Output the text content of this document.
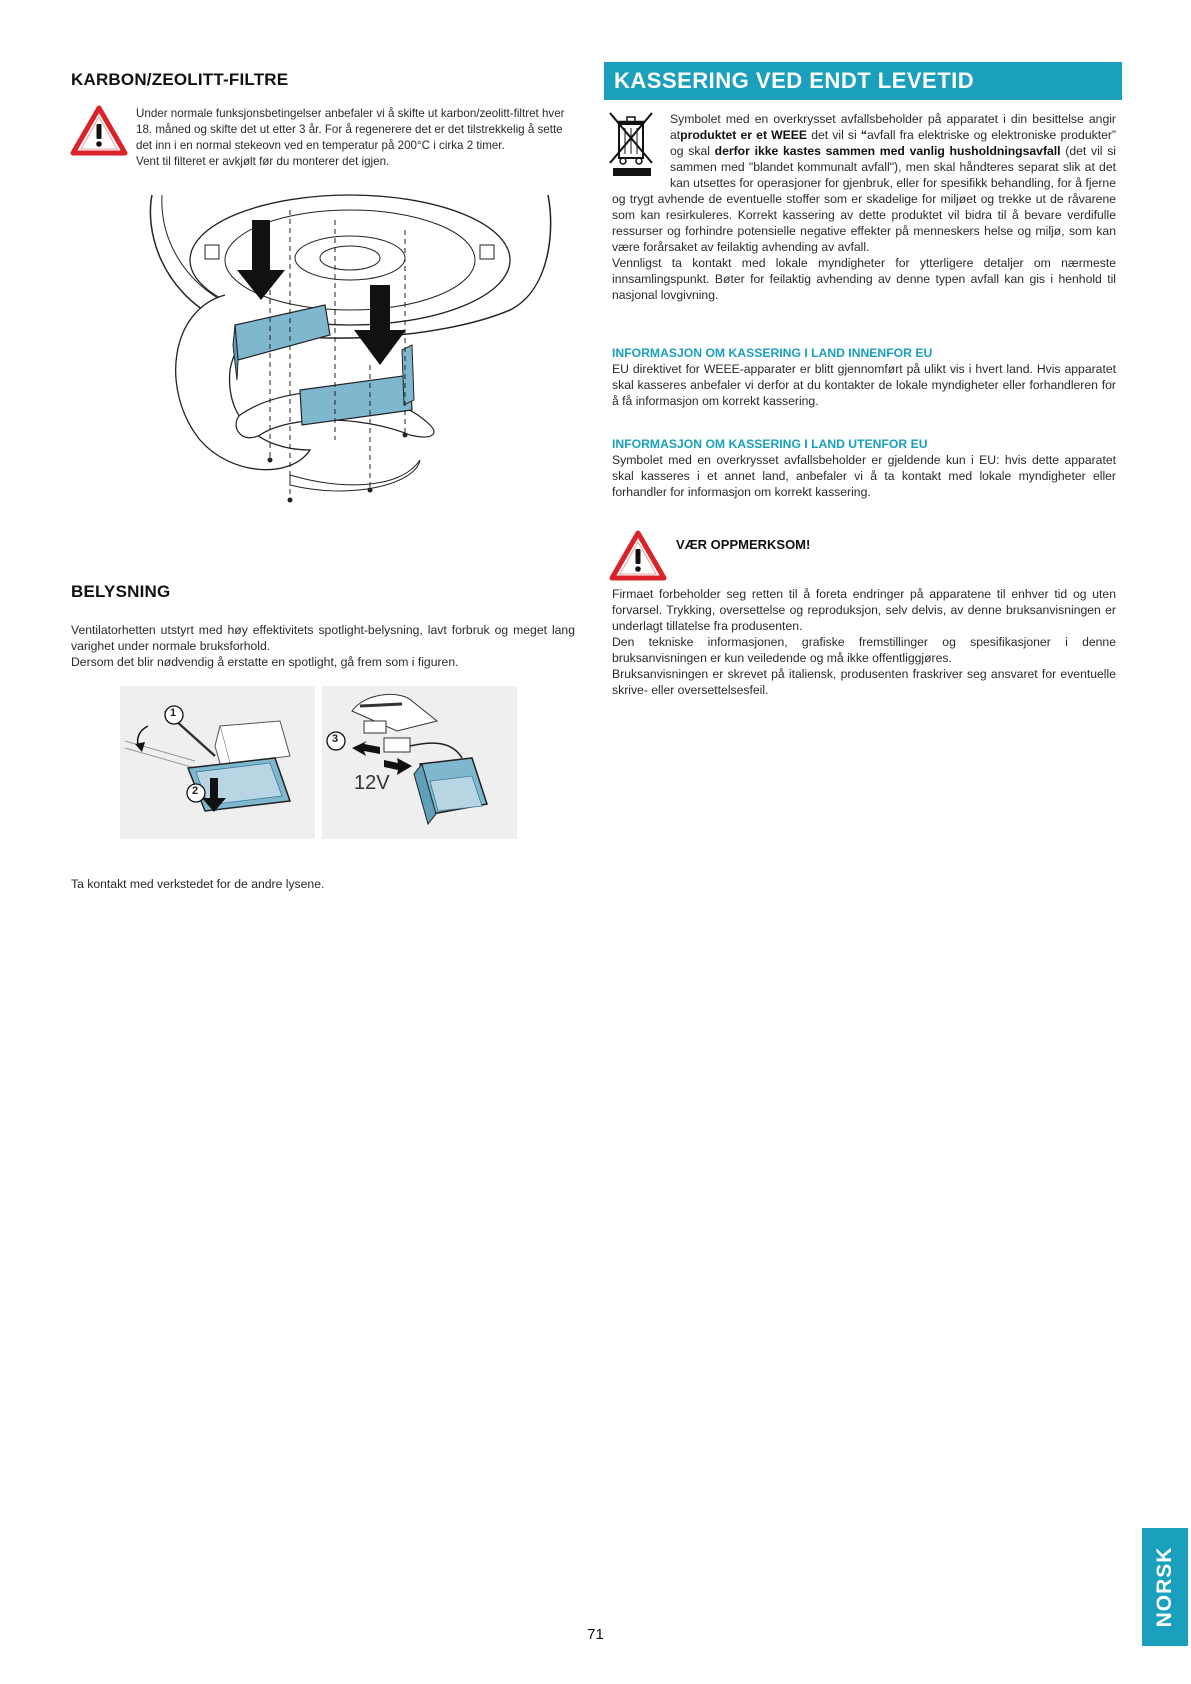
KARBON/ZEOLITT-FILTRE
Under normale funksjonsbetingelser anbefaler vi å skifte ut karbon/zeolitt-filtret hver
18. måned og skifte det ut etter 3 år. For å regenerere det er det tilstrekkelig å sette
det inn i en normal stekeovn ved en temperatur på 200°C i cirka 2 timer.
Vent til filteret er avkjølt før du monterer det igjen.
BELYSNING
Ventilatorhetten utstyrt med høy effektivitets spotlight-belysning, lavt forbruk og meget lang varighet under normale bruksforhold.
Dersom det blir nødvendig å erstatte en spotlight, gå frem som i figuren.
1
2
3
12V
Ta kontakt med verkstedet for de andre lysene.
KASSERING VED ENDT LEVETID

Symbolet med en overkrysset avfallsbeholder på apparatet i din besittelse angir atproduktet er et WEEE det vil si “avfall fra elektriske og elektroniske produkter” og skal derfor ikke kastes sammen med vanlig husholdningsavfall (det vil si sammen med "blandet kommunalt avfall"), men skal håndteres separat slik at det kan utsettes for operasjoner for gjenbruk, eller for spesifikk behandling, for å fjerne og trygt avhende de eventuelle stoffer som er skadelige for miljøet og trekke ut de råvarene som kan resirkuleres. Korrekt kassering av dette produktet vil bidra til å bevare verdifulle ressurser og forhindre potensielle negative effekter på menneskers helse og miljø, som kan være forårsaket av feilaktig avhending av avfall.

Vennligst ta kontakt med lokale myndigheter for ytterligere detaljer om nærmeste innsamlingspunkt. Bøter for feilaktig avhending av denne typen avfall kan gis i henhold til nasjonal lovgivning.

INFORMASJON OM KASSERING I LAND INNENFOR EU
EU direktivet for WEEE-apparater er blitt gjennomført på ulikt vis i hvert land. Hvis apparatet skal kasseres anbefaler vi derfor at du kontakter de lokale myndigheter eller forhandleren for å få informasjon om korrekt kassering.
INFORMASJON OM KASSERING I LAND UTENFOR EU
Symbolet med en overkrysset avfallsbeholder er gjeldende kun i EU: hvis dette apparatet skal kasseres i et annet land, anbefaler vi å ta kontakt med lokale myndigheter eller forhandler for informasjon om korrekt kassering.
VÆR OPPMERKSOM!

Firmaet forbeholder seg retten til å foreta endringer på apparatene til enhver tid og uten forvarsel. Trykking, oversettelse og reproduksjon, selv delvis, av denne bruksanvisningen er underlagt tillatelse fra produsenten.

Den tekniske informasjonen, grafiske fremstillinger og spesifikasjoner i denne bruksanvisningen er kun veiledende og må ikke offentliggjøres.

Bruksanvisningen er skrevet på italiensk, produsenten fraskriver seg ansvaret for eventuelle skrive- eller oversettelsesfeil.

NORSK
71
